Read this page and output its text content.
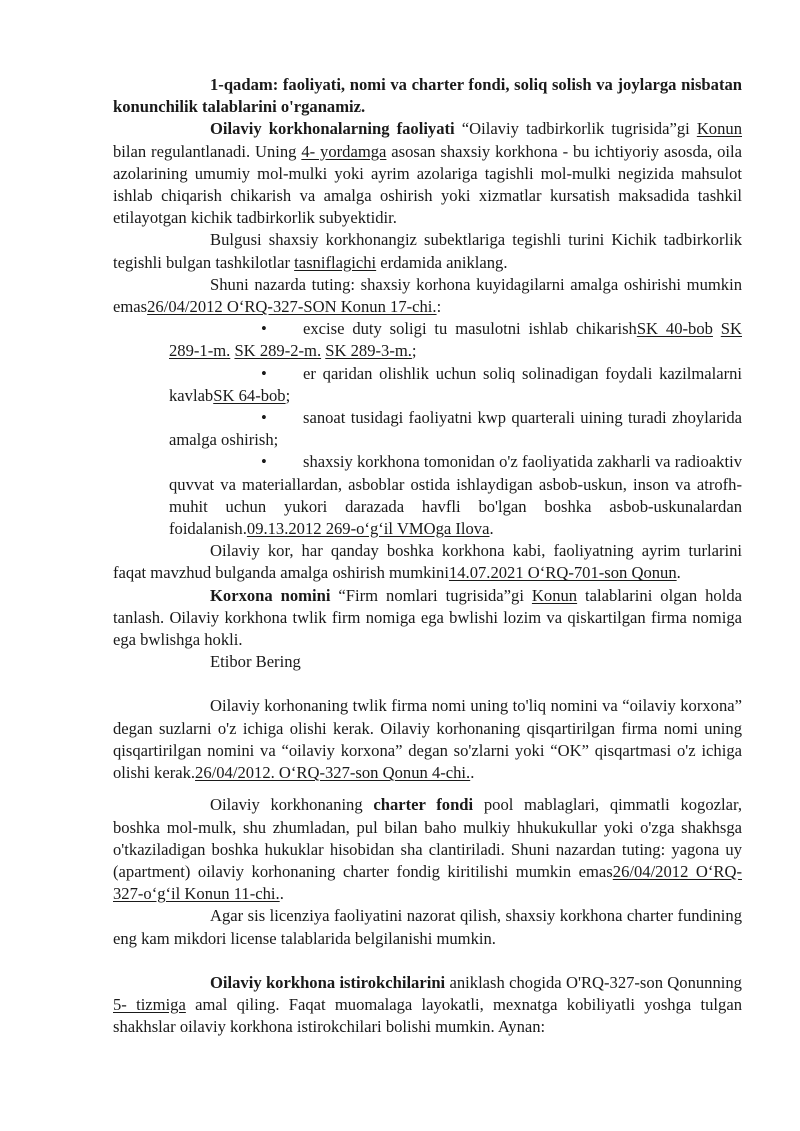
1-qadam: faoliyati, nomi va charter fondi, soliq solish va joylarga nisbatan konunchilik talablarini o'rganamiz.

Oilaviy korkhonalarning faoliyati “Oilaviy tadbirkorlik tugrisida”gi Konun bilan regulantlanadi. Uning 4- yordamga asosan shaxsiy korkhona - bu ichtiyoriy asosda, oila azolarining umumiy mol-mulki yoki ayrim azolariga tagishli mol-mulki negizida mahsulot ishlab chiqarish chikarish va amalga oshirish yoki xizmatlar kursatish maksadida tashkil etilayotgan kichik tadbirkorlik subyektidir.

Bulgusi shaxsiy korkhonangiz subektlariga tegishli turini Kichik tadbirkorlik tegishli bulgan tashkilotlar tasniflagichi erdamida aniklang.

Shuni nazarda tuting: shaxsiy korhona kuyidagilarni amalga oshirishi mumkin emas26/04/2012 O‘RQ-327-SON Konun 17-chi.:

•	excise duty soligi tu masulotni ishlab chikarishSK 40-bob SK 289-1-m. SK 289-2-m. SK 289-3-m.;

•	er qaridan olishlik uchun soliq solinadigan foydali kazilmalarni kavlabSK 64-bob;

•	sanoat tusidagi faoliyatni kwp quarterali uining turadi zhoylarida amalga oshirish;

•	shaxsiy korkhona tomonidan o'z faoliyatida zakharli va radioaktiv quvvat va materiallardan, asboblar ostida ishlaydigan asbob-uskun, inson va atrofh-muhit uchun yukori darazada havfli bo'lgan boshka asbob-uskunalardan foidalanish.09.13.2012 269-o‘g‘il VMOga Ilova.

Oilaviy kor, har qanday boshka korkhona kabi, faoliyatning ayrim turlarini faqat mavzhud bulganda amalga oshirish mumkini14.07.2021 O‘RQ-701-son Qonun.

Korxona nomini “Firm nomlari tugrisida”gi Konun talablarini olgan holda tanlash. Oilaviy korkhona twlik firm nomiga ega bwlishi lozim va qiskartilgan firma nomiga ega bwlishga hokli.

Etibor Bering

Oilaviy korhonaning twlik firma nomi uning to'liq nomini va “oilaviy korxona” degan suzlarni o'z ichiga olishi kerak. Oilaviy korhonaning qisqartirilgan firma nomi uning qisqartirilgan nomini va “oilaviy korxona” degan so'zlarni yoki “OK” qisqartmasi o'z ichiga olishi kerak.26/04/2012. O‘RQ-327-son Qonun 4-chi..

Oilaviy korkhonaning charter fondi pool mablaglari, qimmatli kogozlar, boshka mol-mulk, shu zhumladan, pul bilan baho mulkiy hhukukullar yoki o'zga shakhsga o'tkaziladigan boshka hukuklar hisobidan sha clantiriladi. Shuni nazardan tuting: yagona uy (apartment) oilaviy korhonaning charter fondig kiritilishi mumkin emas26/04/2012 O‘RQ-327-o‘g‘il Konun 11-chi..

Agar sis licenziya faoliyatini nazorat qilish, shaxsiy korkhona charter fundining eng kam mikdori license talablarida belgilanishi mumkin.

Oilaviy korkhona istirokchilarini aniklash chogida O'RQ-327-son Qonunning 5- tizmiga amal qiling. Faqat muomalaga layokatli, mexnatga kobiliyatli yoshga tulgan shakhslar oilaviy korkhona istirokchilari bolishi mumkin. Aynan:
